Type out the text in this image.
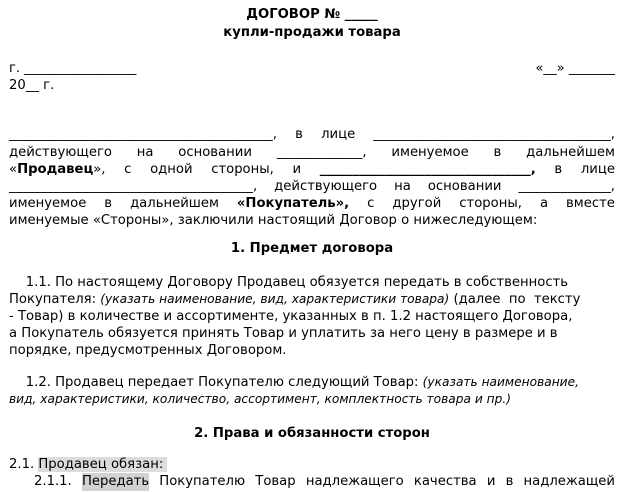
ДОГОВОР № _____
купли-продажи товара
г. _________________	«__» _______
20__ г.
________________________________________, в лице ____________________________________,
действующего на основании _____________, именуемое в дальнейшем
«Продавец», с одной стороны, и ________________________________, в лице
_____________________________________, действующего на основании ______________,
именуемое в дальнейшем «Покупатель», с другой стороны, а вместе
именуемые «Стороны», заключили настоящий Договор о нижеследующем:
1. Предмет договора
1.1. По настоящему Договору Продавец обязуется передать в собственность
Покупателя: (указать наименование, вид, характеристики товара) (далее  по  тексту
- Товар) в количестве и ассортименте, указанных в п. 1.2 настоящего Договора,
а Покупатель обязуется принять Товар и уплатить за него цену в размере и в
порядке, предусмотренных Договором.
1.2. Продавец передает Покупателю следующий Товар: (указать наименование,
вид, характеристики, количество, ассортимент, комплектность товара и пр.)
2. Права и обязанности сторон
2.1. Продавец обязан:
2.1.1. Передать Покупателю Товар надлежащего качества и в надлежащей
